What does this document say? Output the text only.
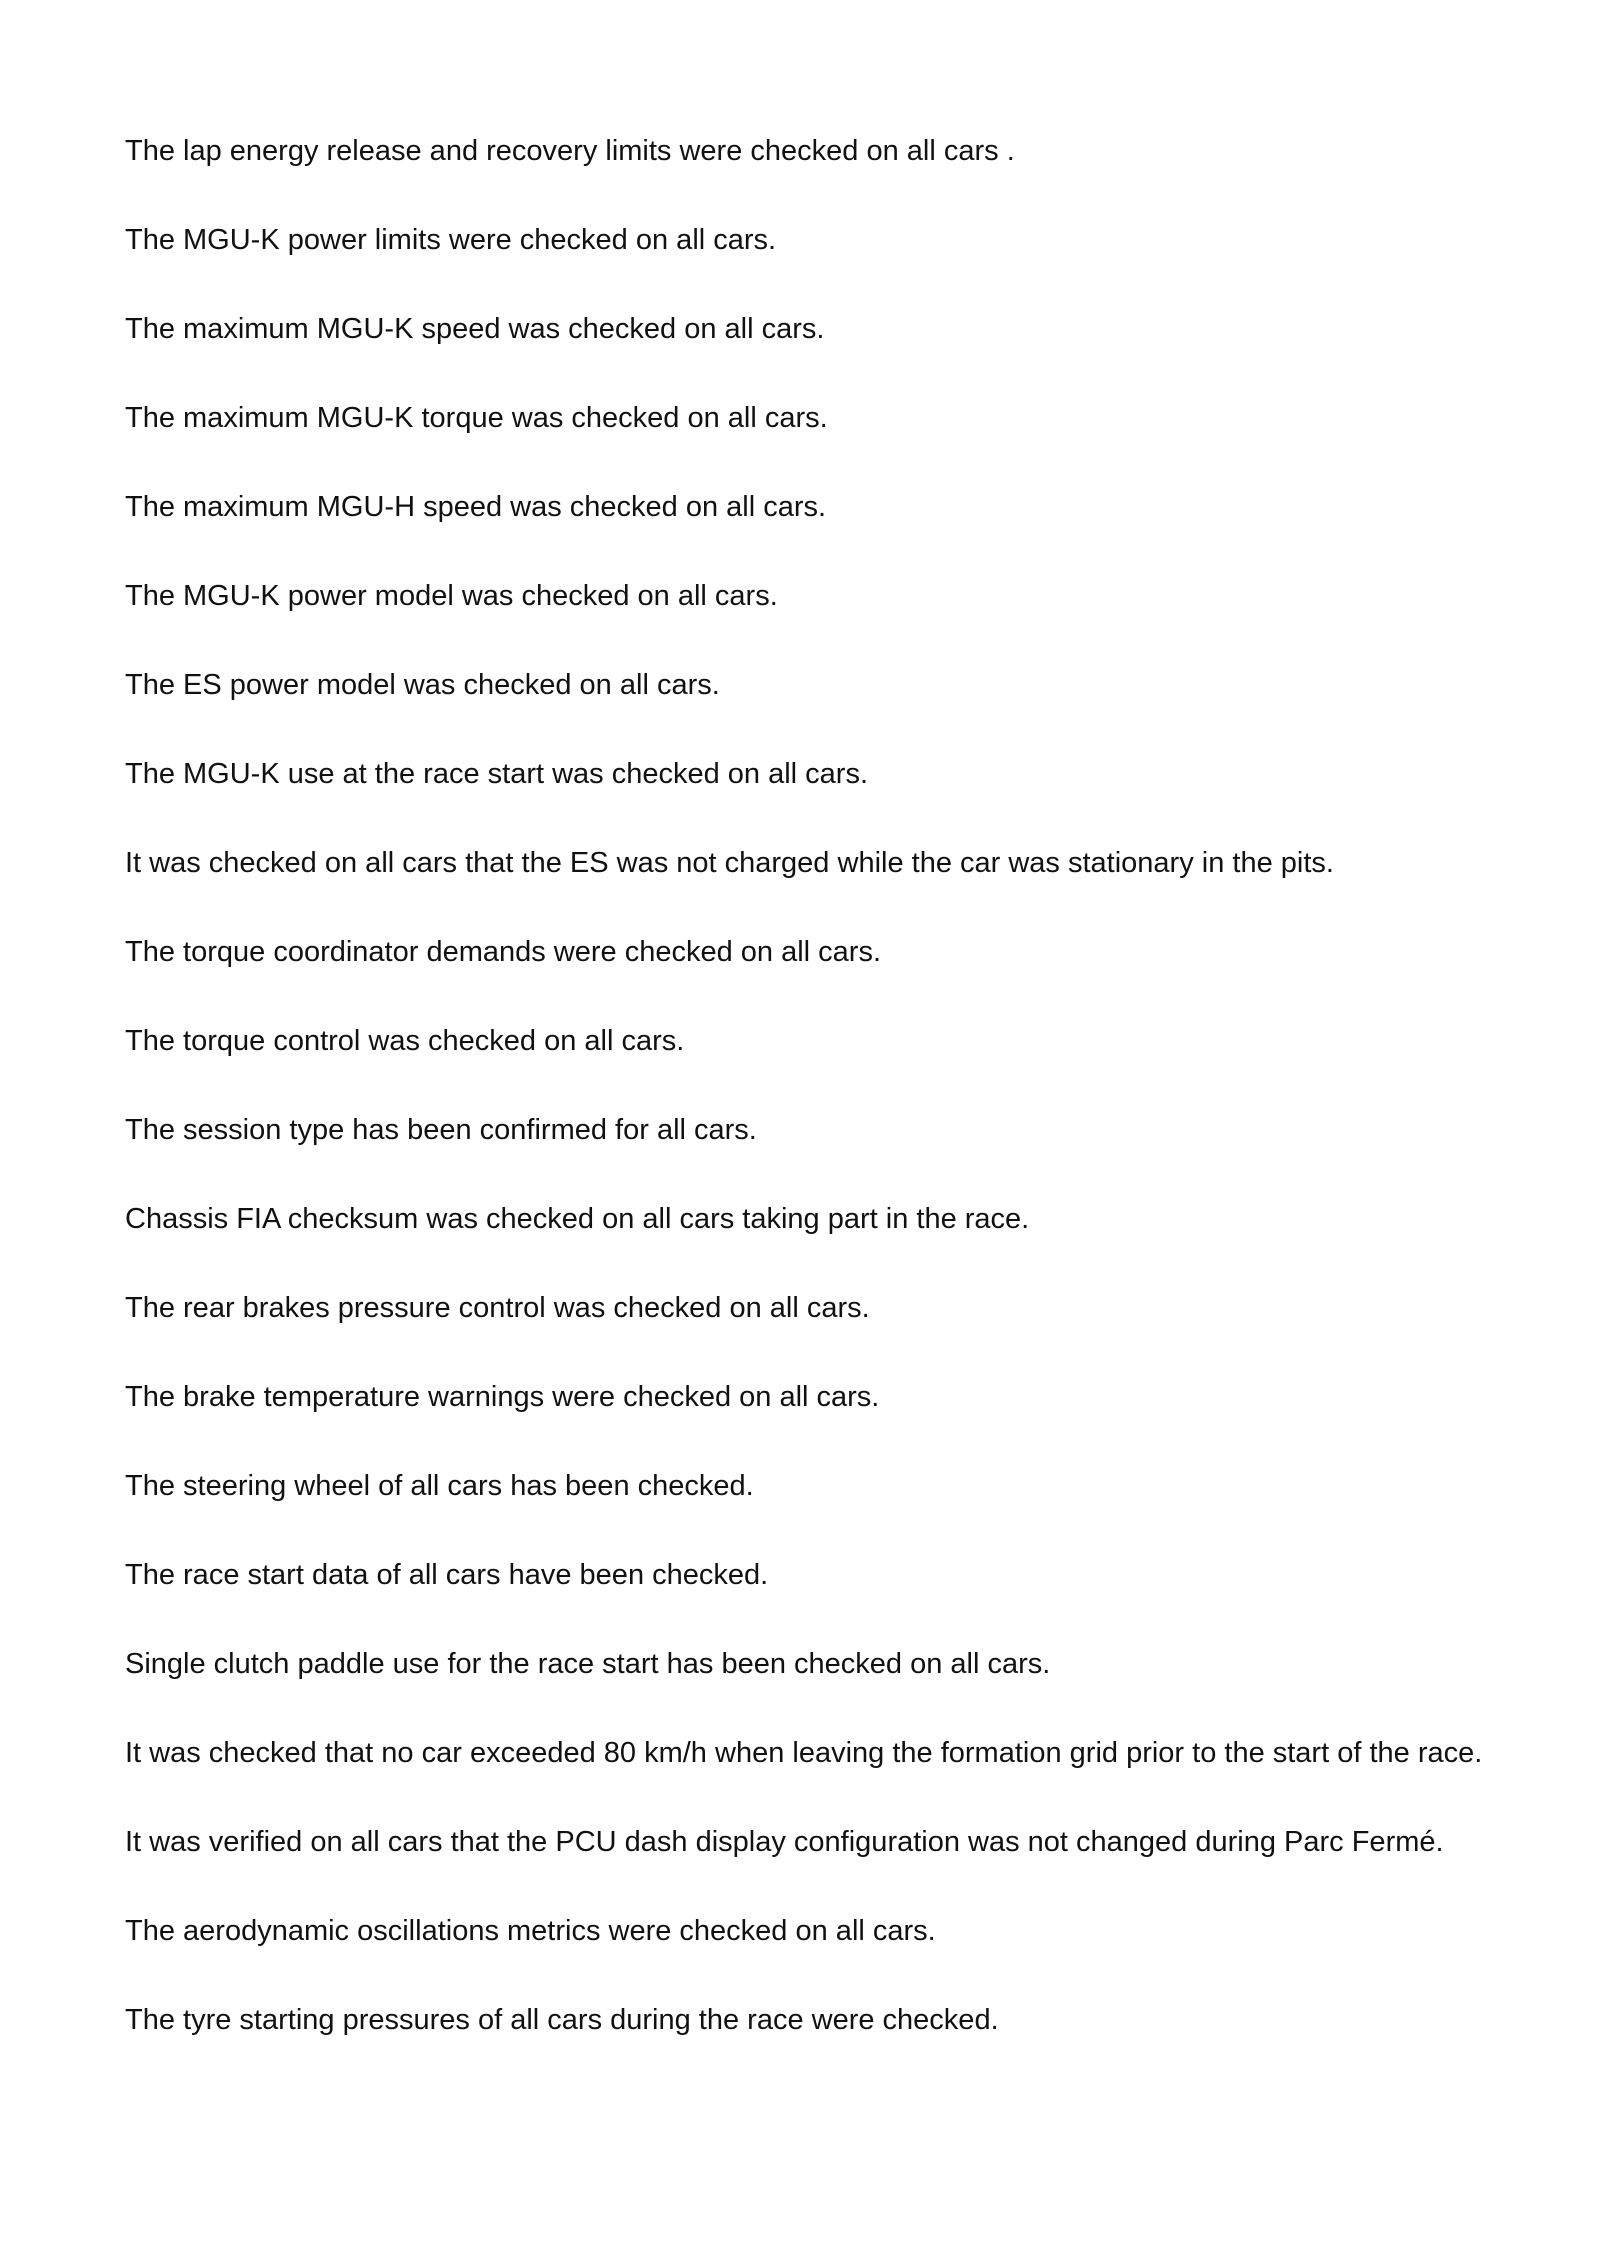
The lap energy release and recovery limits were checked on all cars .

The MGU-K power limits were checked on all cars.

The maximum MGU-K speed was checked on all cars.

The maximum MGU-K torque was checked on all cars.

The maximum MGU-H speed was checked on all cars.

The MGU-K power model was checked on all cars.

The ES power model was checked on all cars.

The MGU-K use at the race start was checked on all cars.

It was checked on all cars that the ES was not charged while the car was stationary in the pits.

The torque coordinator demands were checked on all cars.

The torque control was checked on all cars.

The session type has been confirmed for all cars.

Chassis FIA checksum was checked on all cars taking part in the race.

The rear brakes pressure control was checked on all cars.

The brake temperature warnings were checked on all cars.

The steering wheel of all cars has been checked.

The race start data of all cars have been checked.

Single clutch paddle use for the race start has been checked on all cars.

It was checked that no car exceeded 80 km/h when leaving the formation grid prior to the start of the race.

It was verified on all cars that the PCU dash display configuration was not changed during Parc Fermé.

The aerodynamic oscillations metrics were checked on all cars.

The tyre starting pressures of all cars during the race were checked.
